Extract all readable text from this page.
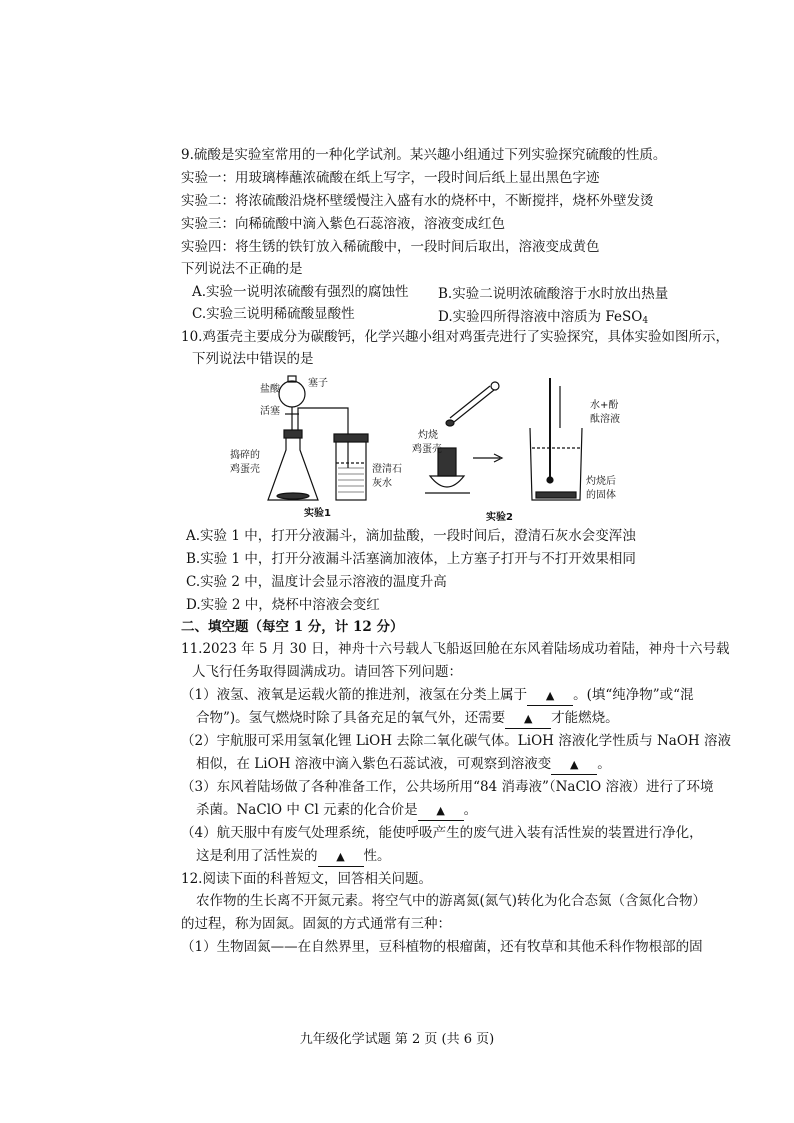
9.硫酸是实验室常用的一种化学试剂。某兴趣小组通过下列实验探究硫酸的性质。
实验一：用玻璃棒蘸浓硫酸在纸上写字，一段时间后纸上显出黑色字迹
实验二：将浓硫酸沿烧杯壁缓慢注入盛有水的烧杯中，不断搅拌，烧杯外壁发烫
实验三：向稀硫酸中滴入紫色石蕊溶液，溶液变成红色
实验四：将生锈的铁钉放入稀硫酸中，一段时间后取出，溶液变成黄色
下列说法不正确的是
A.实验一说明浓硫酸有强烈的腐蚀性 B.实验二说明浓硫酸溶于水时放出热量
C.实验三说明稀硫酸显酸性	D.实验四所得溶液中溶质为 FeSO$_4$
10.鸡蛋壳主要成分为碳酸钙，化学兴趣小组对鸡蛋壳进行了实验探究，具体实验如图所示，
下列说法中错误的是
盐酸
活塞
塞子
捣碎的
鸡蛋壳	澄清石
灰水
实验1
灼烧
鸡蛋壳
水+酚
酞溶液
灼烧后
的固体
实验2
A.实验 1 中，打开分液漏斗，滴加盐酸，一段时间后，澄清石灰水会变浑浊
B.实验 1 中，打开分液漏斗活塞滴加液体，上方塞子打开与不打开效果相同
C.实验 2 中，温度计会显示溶液的温度升高
D.实验 2 中，烧杯中溶液会变红
二、填空题（每空 1 分，计 12 分）
11.2023 年 5 月 30 日，神舟十六号载人飞船返回舱在东风着陆场成功着陆，神舟十六号载
人飞行任务取得圆满成功。请回答下列问题：
（1）液氢、液氧是运载火箭的推进剂，液氢在分类上属于 ▲ 。(填“纯净物”或“混
合物”)。氢气燃烧时除了具备充足的氧气外，还需要 ▲ 才能燃烧。
（2）宇航服可采用氢氧化锂 LiOH 去除二氧化碳气体。LiOH 溶液化学性质与 NaOH 溶液
相似，在 LiOH 溶液中滴入紫色石蕊试液，可观察到溶液变 ▲ 。
（3）东风着陆场做了各种准备工作，公共场所用“84 消毒液”（NaClO 溶液）进行了环境
杀菌。NaClO 中 Cl 元素的化合价是 ▲ 。
（4）航天服中有废气处理系统，能使呼吸产生的废气进入装有活性炭的装置进行净化，
这是利用了活性炭的 ▲ 性。
12.阅读下面的科普短文，回答相关问题。
农作物的生长离不开氮元素。将空气中的游离氮(氮气)转化为化合态氮（含氮化合物）
的过程，称为固氮。固氮的方式通常有三种：
（1）生物固氮——在自然界里，豆科植物的根瘤菌，还有牧草和其他禾科作物根部的固
九年级化学试题 第 2 页 (共 6 页)
